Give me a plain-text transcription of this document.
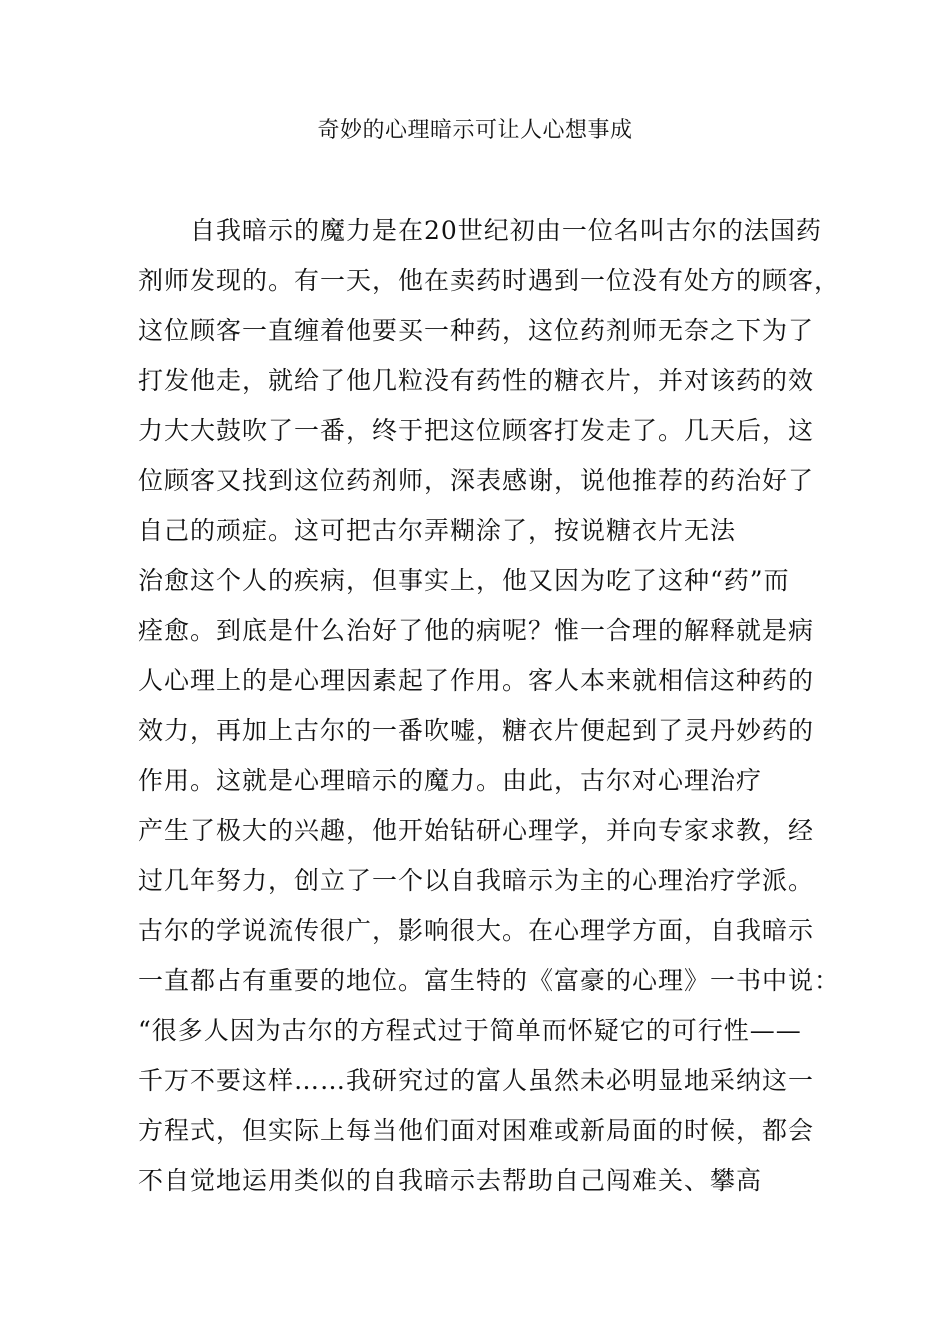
奇妙的心理暗示可让人心想事成
自我暗示的魔力是在20世纪初由一位名叫古尔的法国药
剂师发现的。有一天，他在卖药时遇到一位没有处方的顾客，
这位顾客一直缠着他要买一种药，这位药剂师无奈之下为了
打发他走，就给了他几粒没有药性的糖衣片，并对该药的效
力大大鼓吹了一番，终于把这位顾客打发走了。几天后，这
位顾客又找到这位药剂师，深表感谢，说他推荐的药治好了
自己的顽症。这可把古尔弄糊涂了，按说糖衣片无法
治愈这个人的疾病，但事实上，他又因为吃了这种“药”而
痊愈。到底是什么治好了他的病呢？惟一合理的解释就是病
人心理上的是心理因素起了作用。客人本来就相信这种药的
效力，再加上古尔的一番吹嘘，糖衣片便起到了灵丹妙药的
作用。这就是心理暗示的魔力。由此，古尔对心理治疗
产生了极大的兴趣，他开始钻研心理学，并向专家求教，经
过几年努力，创立了一个以自我暗示为主的心理治疗学派。
古尔的学说流传很广，影响很大。在心理学方面，自我暗示
一直都占有重要的地位。富生特的《富豪的心理》一书中说：
“很多人因为古尔的方程式过于简单而怀疑它的可行性——
千万不要这样……我研究过的富人虽然未必明显地采纳这一
方程式，但实际上每当他们面对困难或新局面的时候，都会
不自觉地运用类似的自我暗示去帮助自己闯难关、攀高
